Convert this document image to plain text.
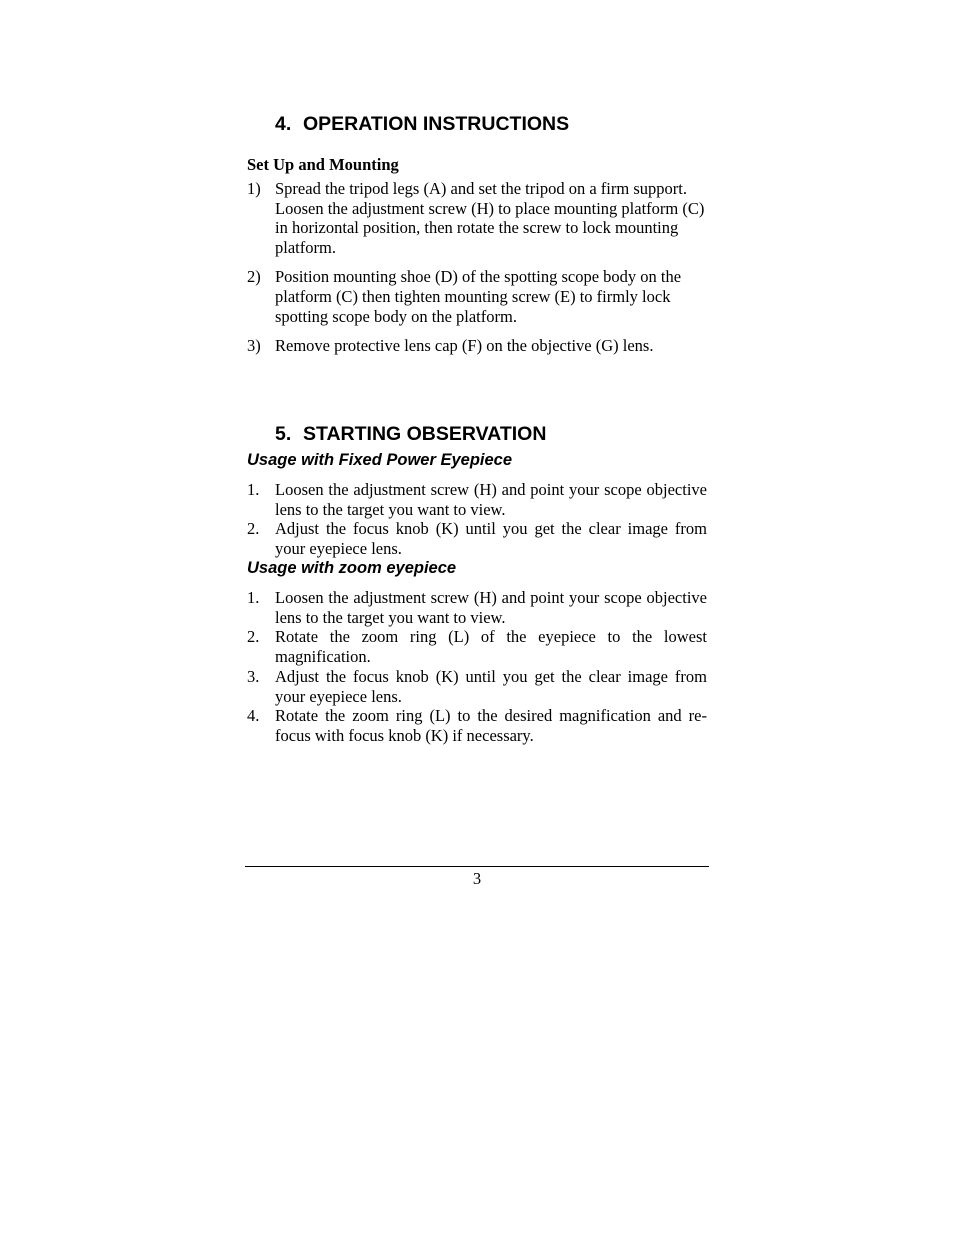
4. OPERATION INSTRUCTIONS
Set Up and Mounting
1) Spread the tripod legs (A) and set the tripod on a firm support. Loosen the adjustment screw (H) to place mounting platform (C) in horizontal position, then rotate the screw to lock mounting platform.
2) Position mounting shoe (D) of the spotting scope body on the platform (C) then tighten mounting screw (E) to firmly lock spotting scope body on the platform.
3) Remove protective lens cap (F) on the objective (G) lens.
5. STARTING OBSERVATION
Usage with Fixed Power Eyepiece
1. Loosen the adjustment screw (H) and point your scope objective lens to the target you want to view.
2. Adjust the focus knob (K) until you get the clear image from your eyepiece lens.
Usage with zoom eyepiece
1. Loosen the adjustment screw (H) and point your scope objective lens to the target you want to view.
2. Rotate the zoom ring (L) of the eyepiece to the lowest magnification.
3. Adjust the focus knob (K) until you get the clear image from your eyepiece lens.
4. Rotate the zoom ring (L) to the desired magnification and re-focus with focus knob (K) if necessary.
3
